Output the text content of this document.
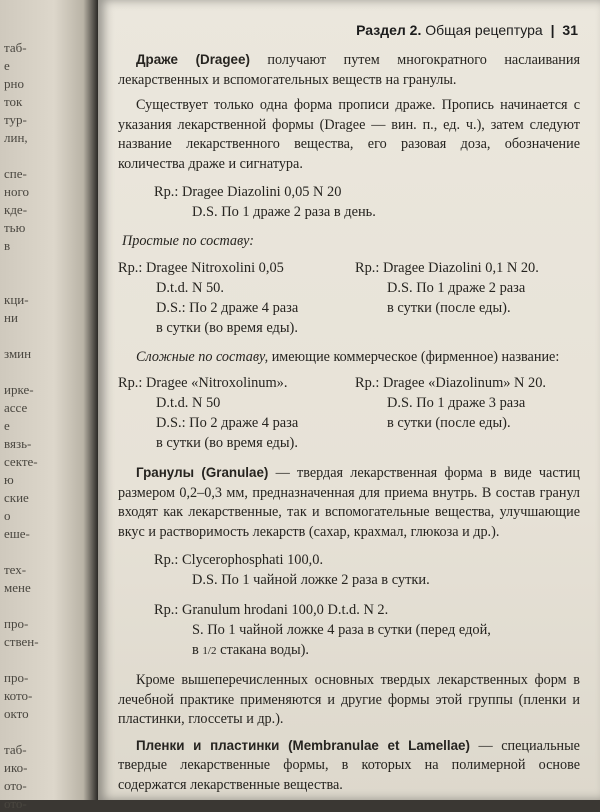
таб-
е
рно
ток
тур-
лин,
спе-
ного
кде-
тью
в
кци-
ни
змин
ирке-
ассе
е
вязь-
секте-
ю
ские
о
еше-
тех-
мене
про-
ствен-
про-
кото-
окто
таб-
ико-
ото-
ото-
Раздел 2. Общая рецептура | 31

Драже (Dragee) получают путем многократного наслаивания лекарственных и вспомогательных веществ на гранулы.

Существует только одна форма прописи драже. Пропись начинается с указания лекарственной формы (Dragee — вин. п., ед. ч.), затем следуют название лекарственного вещества, его разовая доза, обозначение количества драже и сигнатура.

Rp.: Dragee Diazolini 0,05 N 20
D.S. По 1 драже 2 раза в день.

Простые по составу:

Rp.: Dragee Nitroxolini 0,05
D.t.d. N 50.
D.S.: По 2 драже 4 раза
в сутки (во время еды).
Rp.: Dragee Diazolini 0,1 N 20.
D.S. По 1 драже 2 раза
в сутки (после еды).

Сложные по составу, имеющие коммерческое (фирменное) название:

Rp.: Dragee «Nitroxolinum».
D.t.d. N 50
D.S.: По 2 драже 4 раза
в сутки (во время еды).
Rp.: Dragee «Diazolinum» N 20.
D.S. По 1 драже 3 раза
в сутки (после еды).

Гранулы (Granulae) — твердая лекарственная форма в виде частиц размером 0,2–0,3 мм, предназначенная для приема внутрь. В состав гранул входят как лекарственные, так и вспомогательные вещества, улучшающие вкус и растворимость лекарств (сахар, крахмал, глюкоза и др.).

Rp.: Clycerophosphati 100,0.
D.S. По 1 чайной ложке 2 раза в сутки.
Rp.: Granulum hrodani 100,0 D.t.d. N 2.
S. По 1 чайной ложке 4 раза в сутки (перед едой,
в 1/2 стакана воды).

Кроме вышеперечисленных основных твердых лекарственных форм в лечебной практике применяются и другие формы этой группы (пленки и пластинки, глоссеты и др.).

Пленки и пластинки (Membranulae et Lamellae) — специальные твердые лекарственные формы, в которых на полимерной основе содержатся лекарственные вещества.
